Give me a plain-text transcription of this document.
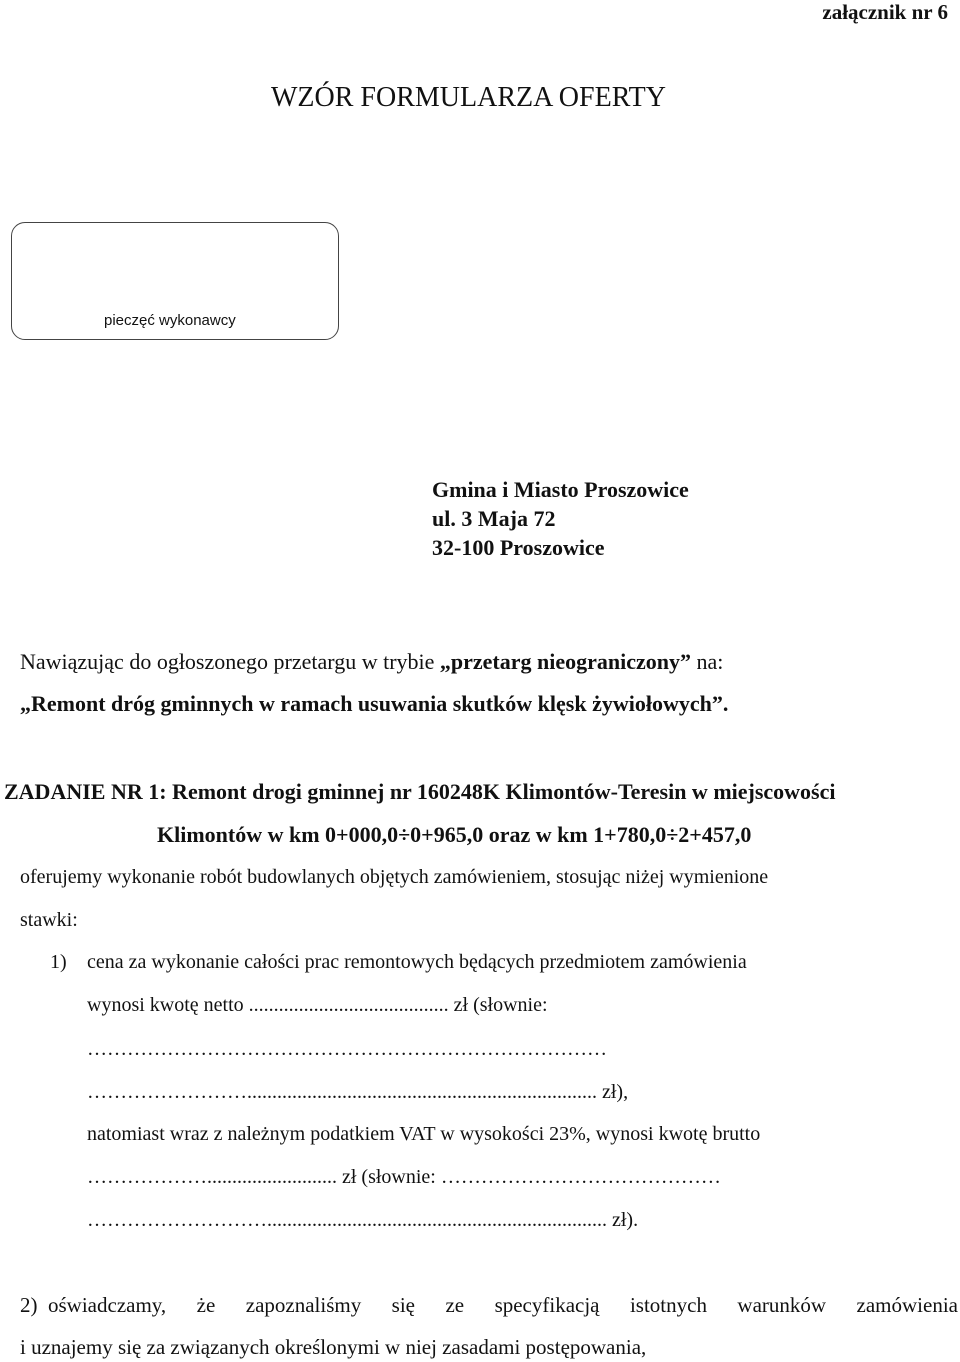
załącznik nr 6
WZÓR FORMULARZA OFERTY
pieczęć wykonawcy
Gmina i Miasto Proszowice
ul. 3 Maja 72
32-100 Proszowice
Nawiązując do ogłoszonego przetargu w trybie „przetarg nieograniczony” na:
„Remont dróg gminnych w ramach usuwania skutków klęsk żywiołowych”.
ZADANIE NR 1: Remont drogi gminnej nr 160248K Klimontów-Teresin w miejscowości
Klimontów w km 0+000,0÷0+965,0 oraz w km 1+780,0÷2+457,0
oferujemy wykonanie robót budowlanych objętych zamówieniem, stosując niżej wymienione
stawki:
1) cena za wykonanie całości prac remontowych będących przedmiotem zamówienia
wynosi kwotę netto ........................................ zł (słownie:
……………………………………………………………………
……………………...................................................................... zł),
natomiast wraz z należnym podatkiem VAT w wysokości 23%, wynosi kwotę brutto
……………….......................... zł (słownie: ……………………………………
……………………….................................................................... zł).
2) oświadczamy, że zapoznaliśmy się ze specyfikacją istotnych warunków zamówienia
i uznajemy się za związanych określonymi w niej zasadami postępowania,
